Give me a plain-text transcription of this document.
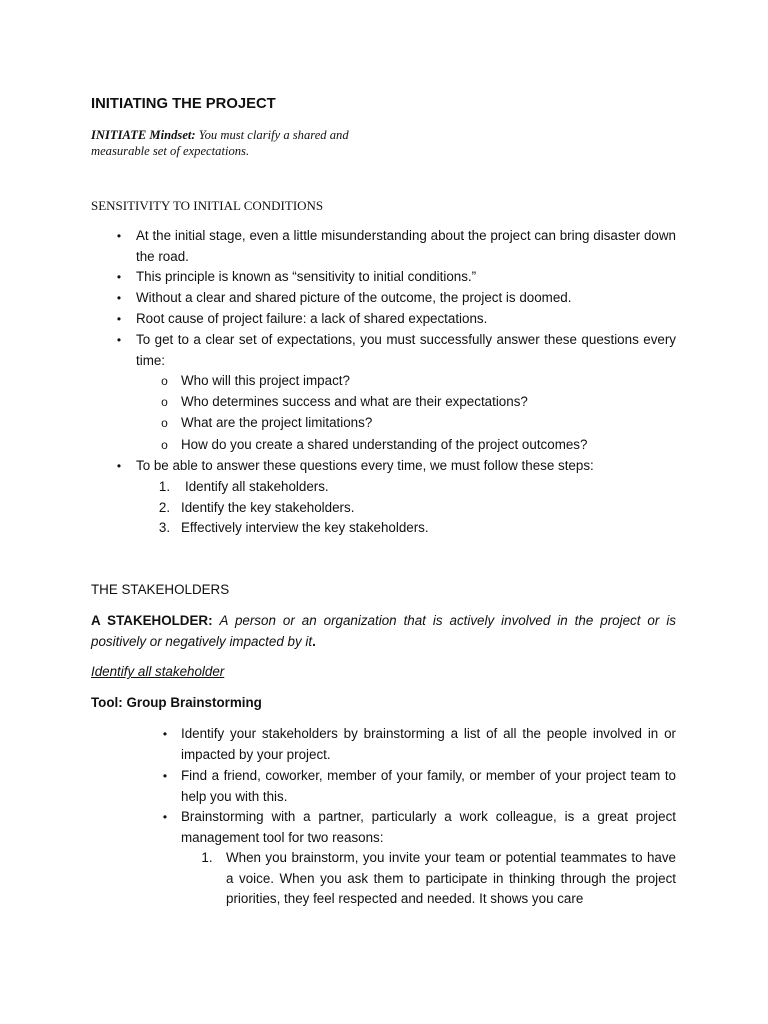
INITIATING THE PROJECT

INITIATE Mindset: You must clarify a shared and measurable set of expectations.

SENSITIVITY TO INITIAL CONDITIONS

•	At the initial stage, even a little misunderstanding about the project can bring disaster down the road.

•	This principle is known as “sensitivity to initial conditions.”

•	Without a clear and shared picture of the outcome, the project is doomed.

•	Root cause of project failure: a lack of shared expectations.

•	To get to a clear set of expectations, you must successfully answer these questions every time:

o Who will this project impact?

o Who determines success and what are their expectations?

o What are the project limitations?

o How do you create a shared understanding of the project outcomes?

•	To be able to answer these questions every time, we must follow these steps:

1.	Identify all stakeholders.

2. Identify the key stakeholders.

3. Effectively interview the key stakeholders.

THE STAKEHOLDERS

A STAKEHOLDER: A person or an organization that is actively involved in the project or is positively or negatively impacted by it.

Identify all stakeholder

Tool: Group Brainstorming

•	Identify your stakeholders by brainstorming a list of all the people involved in or impacted by your project.

•	Find a friend, coworker, member of your family, or member of your project team to help you with this.

•	Brainstorming with a partner, particularly a work colleague, is a great project management tool for two reasons:

1.	When you brainstorm, you invite your team or potential teammates to have a voice. When you ask them to participate in thinking through the project priorities, they feel respected and needed. It shows you care
